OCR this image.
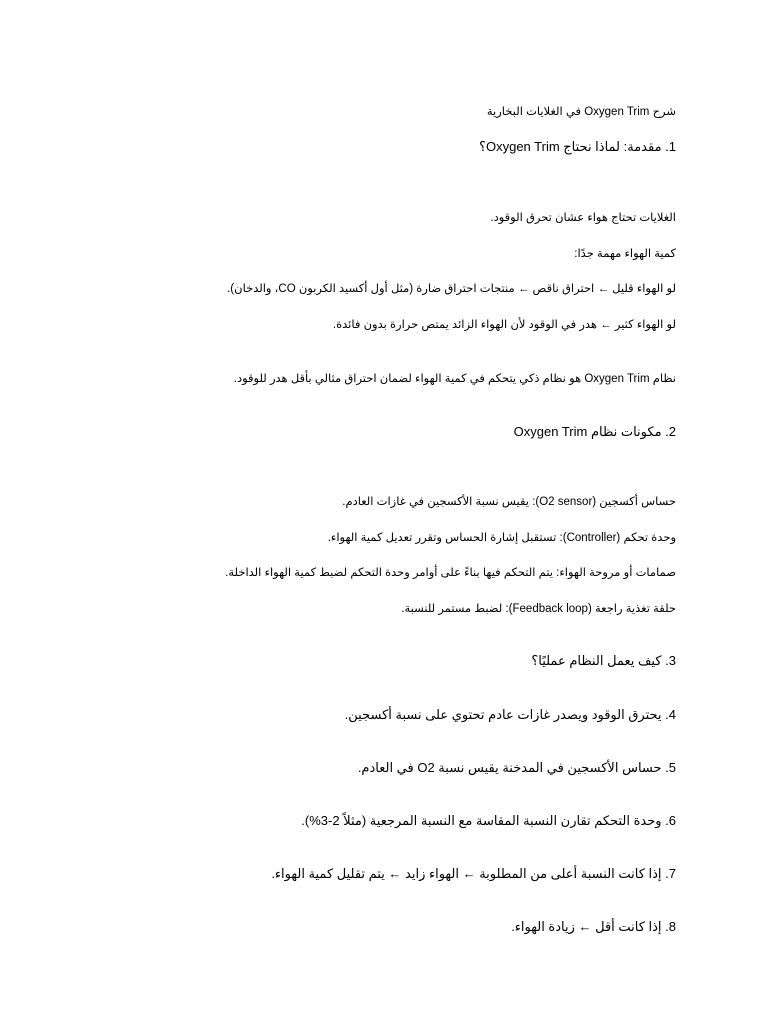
شرح Oxygen Trim في الغلايات البخارية
1. مقدمة: لماذا نحتاج Oxygen Trim؟
الغلايات تحتاج هواء عشان تحرق الوقود.
كمية الهواء مهمة جدًا:
لو الهواء قليل ← احتراق ناقص ← منتجات احتراق ضارة (مثل أول أكسيد الكربون CO، والدخان).
لو الهواء كثير ← هدر في الوقود لأن الهواء الزائد يمتص حرارة بدون فائدة.
نظام Oxygen Trim هو نظام ذكي يتحكم في كمية الهواء لضمان احتراق مثالي بأقل هدر للوقود.
2. مكونات نظام Oxygen Trim
حساس أكسجين (O2 sensor): يقيس نسبة الأكسجين في غازات العادم.
وحدة تحكم (Controller): تستقبل إشارة الحساس وتقرر تعديل كمية الهواء.
صمامات أو مروحة الهواء: يتم التحكم فيها بناءً على أوامر وحدة التحكم لضبط كمية الهواء الداخلة.
حلقة تغذية راجعة (Feedback loop): لضبط مستمر للنسبة.
3. كيف يعمل النظام عمليًا؟
4. يحترق الوقود ويصدر غازات عادم تحتوي على نسبة أكسجين.
5. حساس الأكسجين في المدخنة يقيس نسبة O2 في العادم.
6. وحدة التحكم تقارن النسبة المقاسة مع النسبة المرجعية (مثلاً 2-3%).
7. إذا كانت النسبة أعلى من المطلوبة ← الهواء زايد ← يتم تقليل كمية الهواء.
8. إذا كانت أقل ← زيادة الهواء.
